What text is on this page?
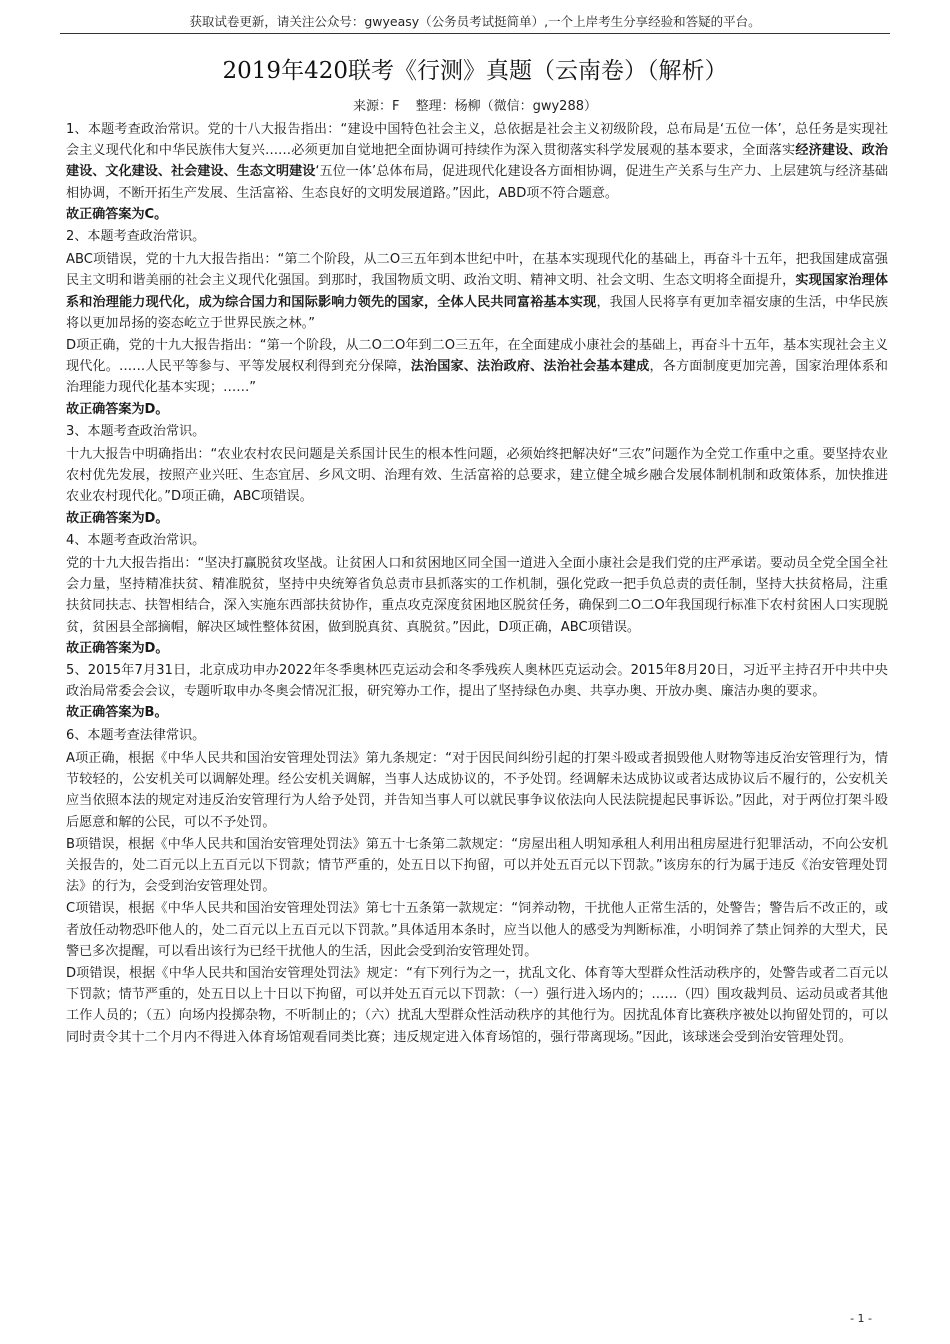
获取试卷更新，请关注公众号：gwyeasy（公务员考试挺简单）,一个上岸考生分享经验和答疑的平台。
2019年420联考《行测》真题（云南卷）（解析）
来源：F 整理：杨柳（微信：gwy288）

1、本题考查政治常识。党的十八大报告指出：“建设中国特色社会主义，总依据是社会主义初级阶段，总布局是‘五位一体’，总任务是实现社会主义现代化和中华民族伟大复兴……必须更加自觉地把全面协调可持续作为深入贯彻落实科学发展观的基本要求，全面落实经济建设、政治建设、文化建设、社会建设、生态文明建设‘五位一体’总体布局，促进现代化建设各方面相协调，促进生产关系与生产力、上层建筑与经济基础相协调，不断开拓生产发展、生活富裕、生态良好的文明发展道路。”因此，ABD项不符合题意。

故正确答案为C。

2、本题考查政治常识。

ABC项错误，党的十九大报告指出：“第二个阶段，从二O三五年到本世纪中叶，在基本实现现代化的基础上，再奋斗十五年，把我国建成富强民主文明和谐美丽的社会主义现代化强国。到那时，我国物质文明、政治文明、精神文明、社会文明、生态文明将全面提升，实现国家治理体系和治理能力现代化，成为综合国力和国际影响力领先的国家，全体人民共同富裕基本实现，我国人民将享有更加幸福安康的生活，中华民族将以更加昂扬的姿态屹立于世界民族之林。”

D项正确，党的十九大报告指出：“第一个阶段，从二O二O年到二O三五年，在全面建成小康社会的基础上，再奋斗十五年，基本实现社会主义现代化。……人民平等参与、平等发展权利得到充分保障，法治国家、法治政府、法治社会基本建成，各方面制度更加完善，国家治理体系和治理能力现代化基本实现；……”

故正确答案为D。

3、本题考查政治常识。

十九大报告中明确指出：“农业农村农民问题是关系国计民生的根本性问题，必须始终把解决好“三农”问题作为全党工作重中之重。要坚持农业农村优先发展，按照产业兴旺、生态宜居、乡风文明、治理有效、生活富裕的总要求，建立健全城乡融合发展体制机制和政策体系，加快推进农业农村现代化。”D项正确，ABC项错误。

故正确答案为D。

4、本题考查政治常识。

党的十九大报告指出：“坚决打赢脱贫攻坚战。让贫困人口和贫困地区同全国一道进入全面小康社会是我们党的庄严承诺。要动员全党全国全社会力量，坚持精准扶贫、精准脱贫，坚持中央统筹省负总责市县抓落实的工作机制，强化党政一把手负总责的责任制，坚持大扶贫格局，注重扶贫同扶志、扶智相结合，深入实施东西部扶贫协作，重点攻克深度贫困地区脱贫任务，确保到二O二O年我国现行标准下农村贫困人口实现脱贫，贫困县全部摘帽，解决区域性整体贫困，做到脱真贫、真脱贫。”因此，D项正确，ABC项错误。

故正确答案为D。

5、2015年7月31日，北京成功申办2022年冬季奥林匹克运动会和冬季残疾人奥林匹克运动会。2015年8月20日，习近平主持召开中共中央政治局常委会会议，专题听取申办冬奥会情况汇报，研究筹办工作，提出了坚持绿色办奥、共享办奥、开放办奥、廉洁办奥的要求。

故正确答案为B。

6、本题考查法律常识。

A项正确，根据《中华人民共和国治安管理处罚法》第九条规定：“对于因民间纠纷引起的打架斗殴或者损毁他人财物等违反治安管理行为，情节较轻的，公安机关可以调解处理。经公安机关调解，当事人达成协议的，不予处罚。经调解未达成协议或者达成协议后不履行的，公安机关应当依照本法的规定对违反治安管理行为人给予处罚，并告知当事人可以就民事争议依法向人民法院提起民事诉讼。”因此，对于两位打架斗殴后愿意和解的公民，可以不予处罚。

B项错误，根据《中华人民共和国治安管理处罚法》第五十七条第二款规定：“房屋出租人明知承租人利用出租房屋进行犯罪活动，不向公安机关报告的，处二百元以上五百元以下罚款；情节严重的，处五日以下拘留，可以并处五百元以下罚款。”该房东的行为属于违反《治安管理处罚法》的行为，会受到治安管理处罚。

C项错误，根据《中华人民共和国治安管理处罚法》第七十五条第一款规定：“饲养动物，干扰他人正常生活的，处警告；警告后不改正的，或者放任动物恐吓他人的，处二百元以上五百元以下罚款。”具体适用本条时，应当以他人的感受为判断标准，小明饲养了禁止饲养的大型犬，民警已多次提醒，可以看出该行为已经干扰他人的生活，因此会受到治安管理处罚。

D项错误，根据《中华人民共和国治安管理处罚法》规定：“有下列行为之一，扰乱文化、体育等大型群众性活动秩序的，处警告或者二百元以下罚款；情节严重的，处五日以上十日以下拘留，可以并处五百元以下罚款：（一）强行进入场内的；……（四）围攻裁判员、运动员或者其他工作人员的；（五）向场内投掷杂物，不听制止的；（六）扰乱大型群众性活动秩序的其他行为。因扰乱体育比赛秩序被处以拘留处罚的，可以同时责令其十二个月内不得进入体育场馆观看同类比赛；违反规定进入体育场馆的，强行带离现场。”因此，该球迷会受到治安管理处罚。

- 1 -
